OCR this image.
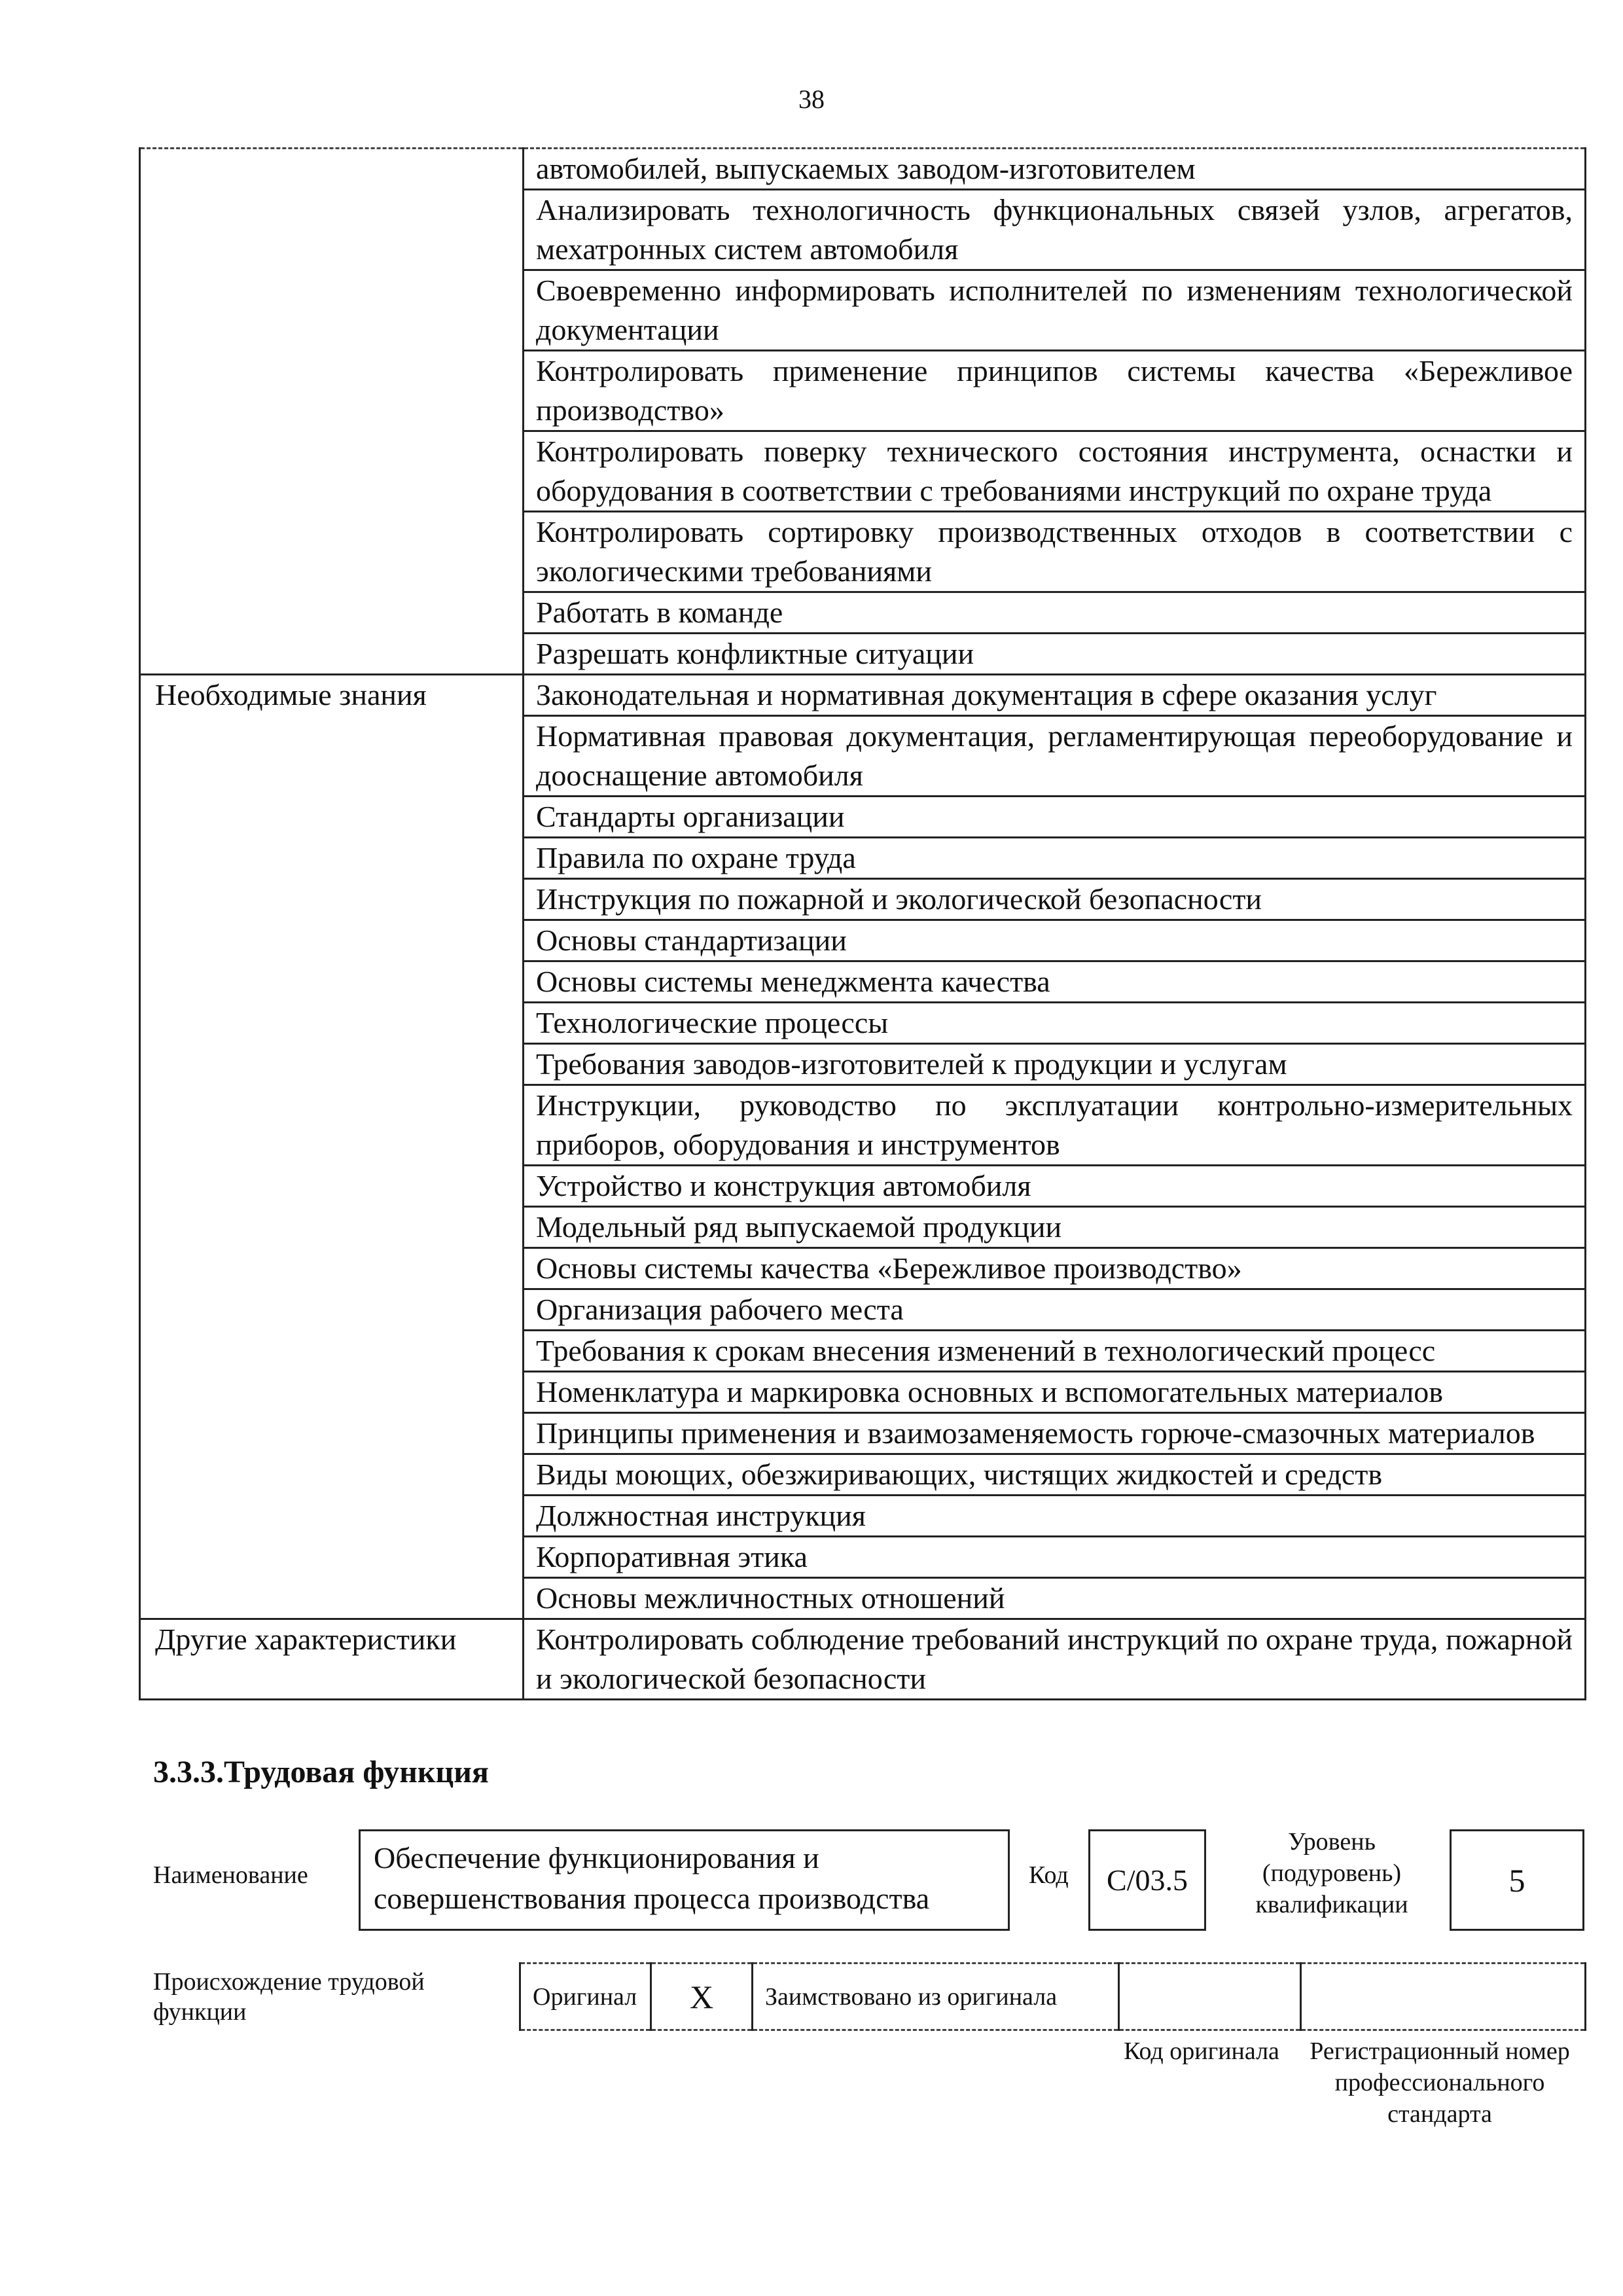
38
	автомобилей, выпускаемых заводом-изготовителем
	Анализировать технологичность функциональных связей узлов, агрегатов, мехатронных систем автомобиля
	Своевременно информировать исполнителей по изменениям технологической документации
	Контролировать применение принципов системы качества «Бережливое производство»
	Контролировать поверку технического состояния инструмента, оснастки и оборудования в соответствии с требованиями инструкций по охране труда
	Контролировать сортировку производственных отходов в соответствии с экологическими требованиями
	Работать в команде
	Разрешать конфликтные ситуации
Необходимые знания	Законодательная и нормативная документация в сфере оказания услуг
	Нормативная правовая документация, регламентирующая переоборудование и дооснащение автомобиля
	Стандарты организации
	Правила по охране труда
	Инструкция по пожарной и экологической безопасности
	Основы стандартизации
	Основы системы менеджмента качества
	Технологические процессы
	Требования заводов-изготовителей к продукции и услугам
	Инструкции, руководство по эксплуатации контрольно-измерительных приборов, оборудования и инструментов
	Устройство и конструкция автомобиля
	Модельный ряд выпускаемой продукции
	Основы системы качества «Бережливое производство»
	Организация рабочего места
	Требования к срокам внесения изменений в технологический процесс
	Номенклатура и маркировка основных и вспомогательных материалов
	Принципы применения и взаимозаменяемость горюче-смазочных материалов
	Виды моющих, обезжиривающих, чистящих жидкостей и средств
	Должностная инструкция
	Корпоративная этика
	Основы межличностных отношений
Другие характеристики	Контролировать соблюдение требований инструкций по охране труда, пожарной и экологической безопасности
3.3.3.Трудовая функция
Наименование
Обеспечение функционирования и совершенствования процесса производства
Код	С/03.5
Уровень (подуровень) квалификации
5
Происхождение трудовой функции
Оригинал	X	Заимствовано из оригинала		
Код оригинала	Регистрационный номер профессионального стандарта
